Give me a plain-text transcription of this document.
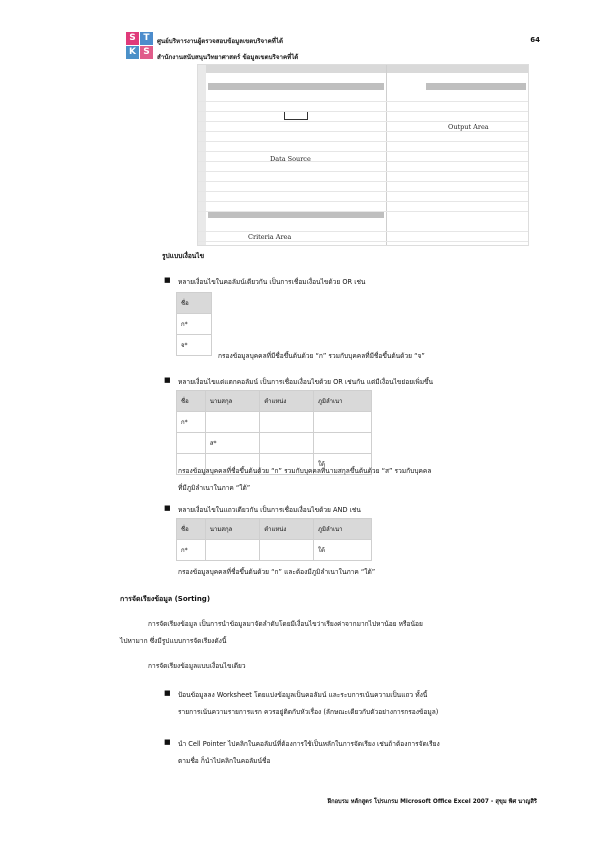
S T
K S
ศูนย์บริหารงานผู้ตรวจสอบข้อมูลเขตบริจาคที่ได้
สำนักงานสนับสนุนวิทยาศาสตร์ ข้อมูลเขตบริจาคที่ได้
64
Data Source
Output Area
Criteria Area
รูปแบบเงื่อนไข
■ หลายเงื่อนไขในคอลัมน์เดียวกัน เป็นการเชื่อมเงื่อนไขด้วย OR เช่น
ชื่อ
ก*
จ*
กรองข้อมูลบุคคลที่มีชื่อขึ้นต้นด้วย “ก” รวมกับบุคคลที่มีชื่อขึ้นต้นด้วย “จ”
■ หลายเงื่อนไขแต่แตกคอลัมน์ เป็นการเชื่อมเงื่อนไขด้วย OR เช่นกัน แต่มีเงื่อนไขย่อยเพิ่มขึ้น
ชื่อ	นามสกุล	ตำแหน่ง	ภูมิลำเนา
ก*			
	ส*		
			ใต้
กรองข้อมูลบุคคลที่ชื่อขึ้นต้นด้วย “ก” รวมกับบุคคลที่นามสกุลขึ้นต้นด้วย “ส” รวมกับบุคคล
ที่มีภูมิลำเนาในภาค “ใต้”
■ หลายเงื่อนไขในแถวเดียวกัน เป็นการเชื่อมเงื่อนไขด้วย AND เช่น
ชื่อ	นามสกุล	ตำแหน่ง	ภูมิลำเนา
ก*			ใต้
กรองข้อมูลบุคคลที่ชื่อขึ้นต้นด้วย “ก” และต้องมีภูมิลำเนาในภาค “ใต้”
การจัดเรียงข้อมูล (Sorting)
การจัดเรียงข้อมูล เป็นการนำข้อมูลมาจัดลำดับโดยมีเงื่อนไขว่าเรียงค่าจากมากไปหาน้อย หรือน้อย
ไปหามาก ซึ่งมีรูปแบบการจัดเรียงดังนี้
การจัดเรียงข้อมูลแบบเงื่อนไขเดียว
■ ป้อนข้อมูลลง Worksheet โดยแบ่งข้อมูลเป็นคอลัมน์ และระบการเน้นความเป็นแถว ทั้งนี้
รายการเน้นความรายการแรก ควรอยู่ติดกับหัวเรื่อง (ลักษณะเดียวกับตัวอย่างการกรองข้อมูล)
■ นำ Cell Pointer ไปคลิกในคอลัมน์ที่ต้องการใช้เป็นหลักในการจัดเรียง เช่นถ้าต้องการจัดเรียง
ตามชื่อ ก็นำไปคลิกในคอลัมน์ชื่อ
ฝึกอบรม หลักสูตร โปรแกรม Microsoft Office Excel 2007 - สุขุม พิศ นาญสิริ
